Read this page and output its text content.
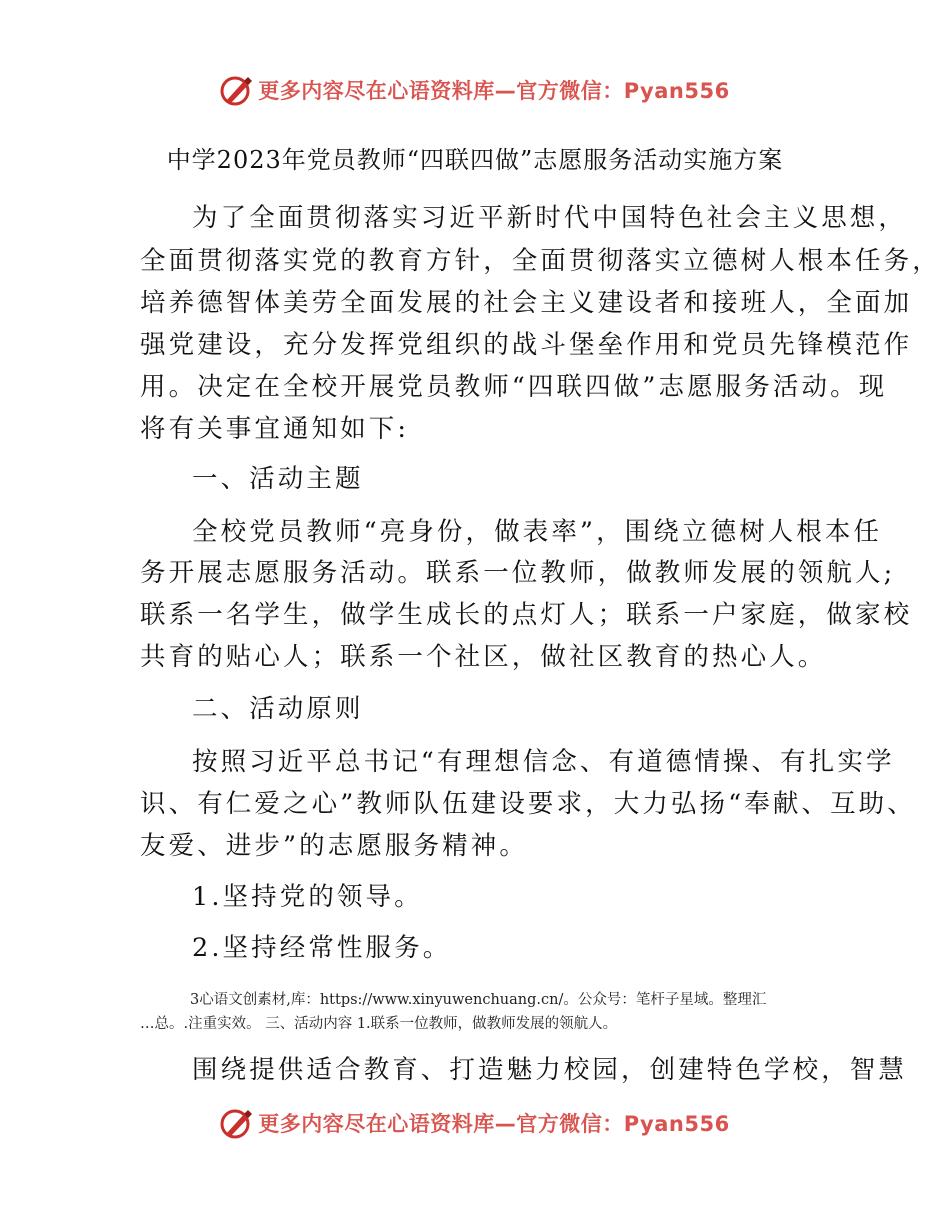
更多内容尽在心语资料库—官方微信：Pyan556
中学2023年党员教师“四联四做”志愿服务活动实施方案
为了全面贯彻落实习近平新时代中国特色社会主义思想，
全面贯彻落实党的教育方针，全面贯彻落实立德树人根本任务，
培养德智体美劳全面发展的社会主义建设者和接班人，全面加
强党建设，充分发挥党组织的战斗堡垒作用和党员先锋模范作
用。决定在全校开展党员教师“四联四做”志愿服务活动。现
将有关事宜通知如下:
一、活动主题
全校党员教师“亮身份，做表率”，围绕立德树人根本任
务开展志愿服务活动。联系一位教师，做教师发展的领航人;
联系一名学生，做学生成长的点灯人；联系一户家庭，做家校
共育的贴心人；联系一个社区，做社区教育的热心人。
二、活动原则
按照习近平总书记“有理想信念、有道德情操、有扎实学
识、有仁爱之心”教师队伍建设要求，大力弘扬“奉献、互助、
友爱、进步”的志愿服务精神。
1.坚持党的领导。
2.坚持经常性服务。
3心语文创素材,库：https://www.xinyuwenchuang.cn/。公众号：笔杆子星域。整理汇
…总。.注重实效。 三、活动内容 1.联系一位教师，做教师发展的领航人。
围绕提供适合教育、打造魅力校园，创建特色学校，智慧
更多内容尽在心语资料库—官方微信：Pyan556
